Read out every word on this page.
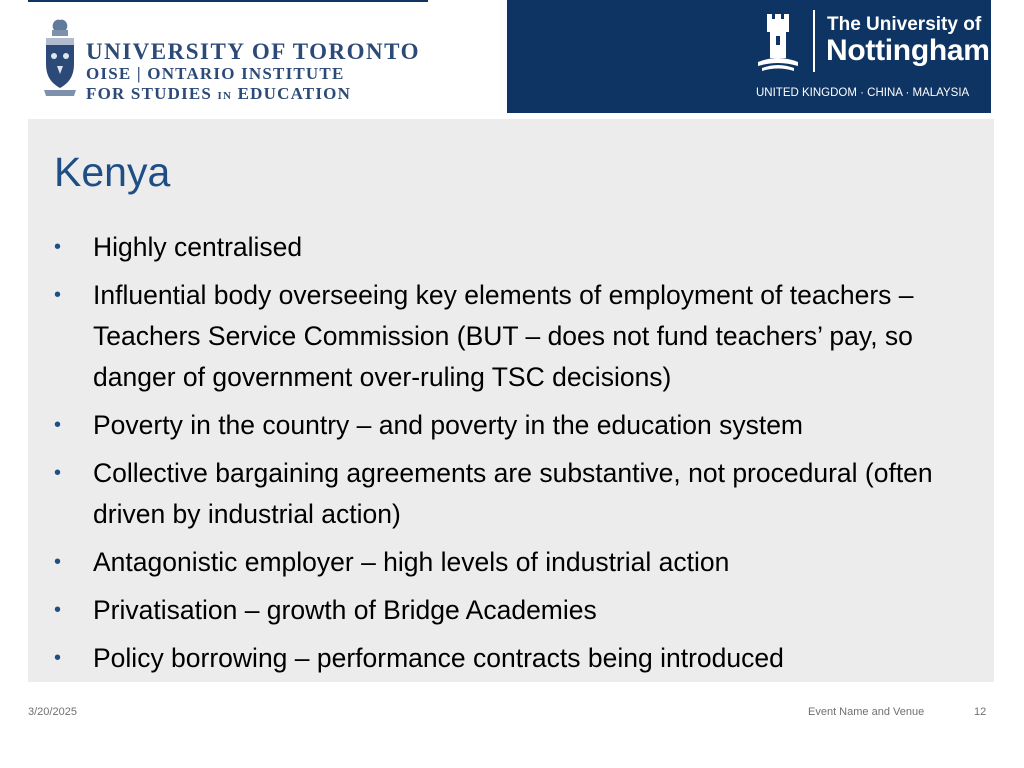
UNIVERSITY OF TORONTO
OISE | ONTARIO INSTITUTE
FOR STUDIES IN EDUCATION
The University of
Nottingham
UNITED KINGDOM · CHINA · MALAYSIA
Kenya
• Highly centralised
• Influential body overseeing key elements of employment of teachers – Teachers Service Commission (BUT – does not fund teachers’ pay, so danger of government over-ruling TSC decisions)
• Poverty in the country – and poverty in the education system
• Collective bargaining agreements are substantive, not procedural (often driven by industrial action)
• Antagonistic employer – high levels of industrial action
• Privatisation – growth of Bridge Academies
• Policy borrowing – performance contracts being introduced
3/20/2025	Event Name and Venue	12
